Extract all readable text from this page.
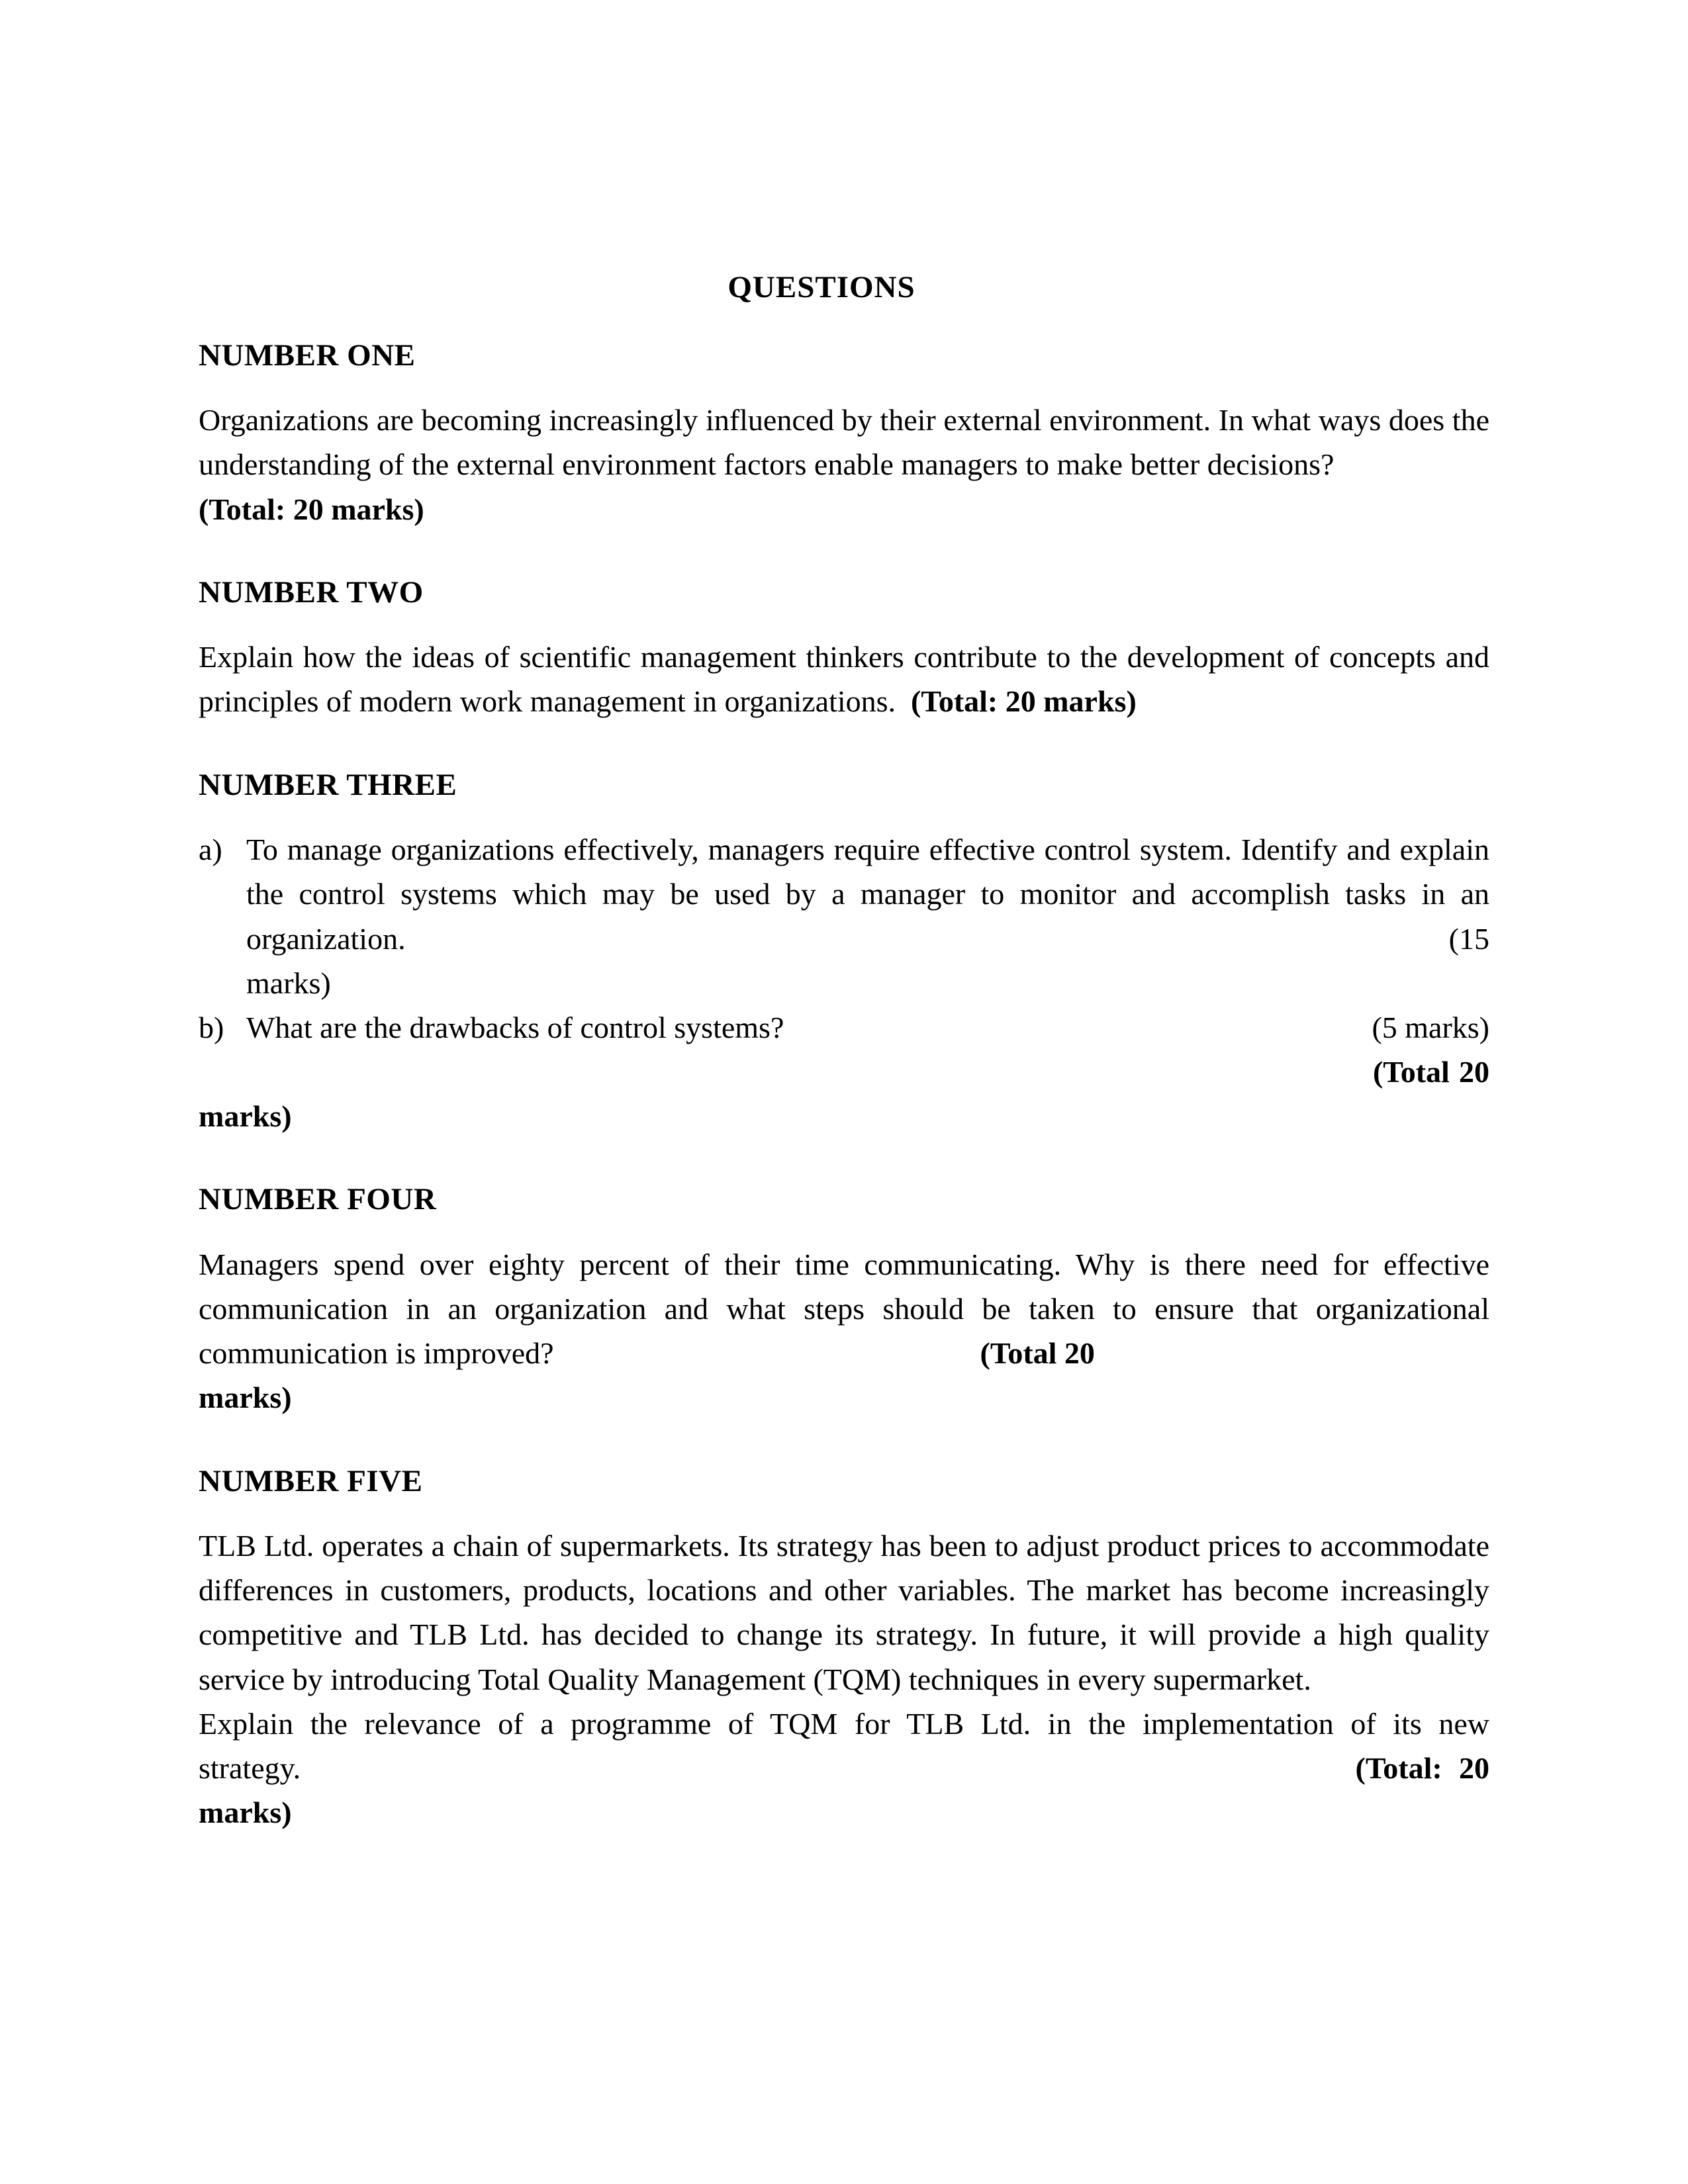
QUESTIONS
NUMBER ONE

Organizations are becoming increasingly influenced by their external environment. In what ways does the understanding of the external environment factors enable managers to make better decisions?

(Total: 20 marks)

NUMBER TWO

Explain how the ideas of scientific management thinkers contribute to the development of concepts and principles of modern work management in organizations. (Total: 20 marks)

NUMBER THREE
a) To manage organizations effectively, managers require effective control system. Identify and explain the control systems which may be used by a manager to monitor and accomplish tasks in an organization.	(15
marks)
b)	(5 marks)
What are the drawbacks of control systems?

(Total 20

marks)

NUMBER FOUR

Managers spend over eighty percent of their time communicating. Why is there need for effective communication in an organization and what steps should be taken to ensure that organizational communication is improved?	(Total 20

marks)

NUMBER FIVE

TLB Ltd. operates a chain of supermarkets. Its strategy has been to adjust product prices to accommodate differences in customers, products, locations and other variables. The market has become increasingly competitive and TLB Ltd. has decided to change its strategy. In future, it will provide a high quality service by introducing Total Quality Management (TQM) techniques in every supermarket.

Explain the relevance of a programme of TQM for TLB Ltd. in the implementation of its new strategy.	(Total: 20

marks)
